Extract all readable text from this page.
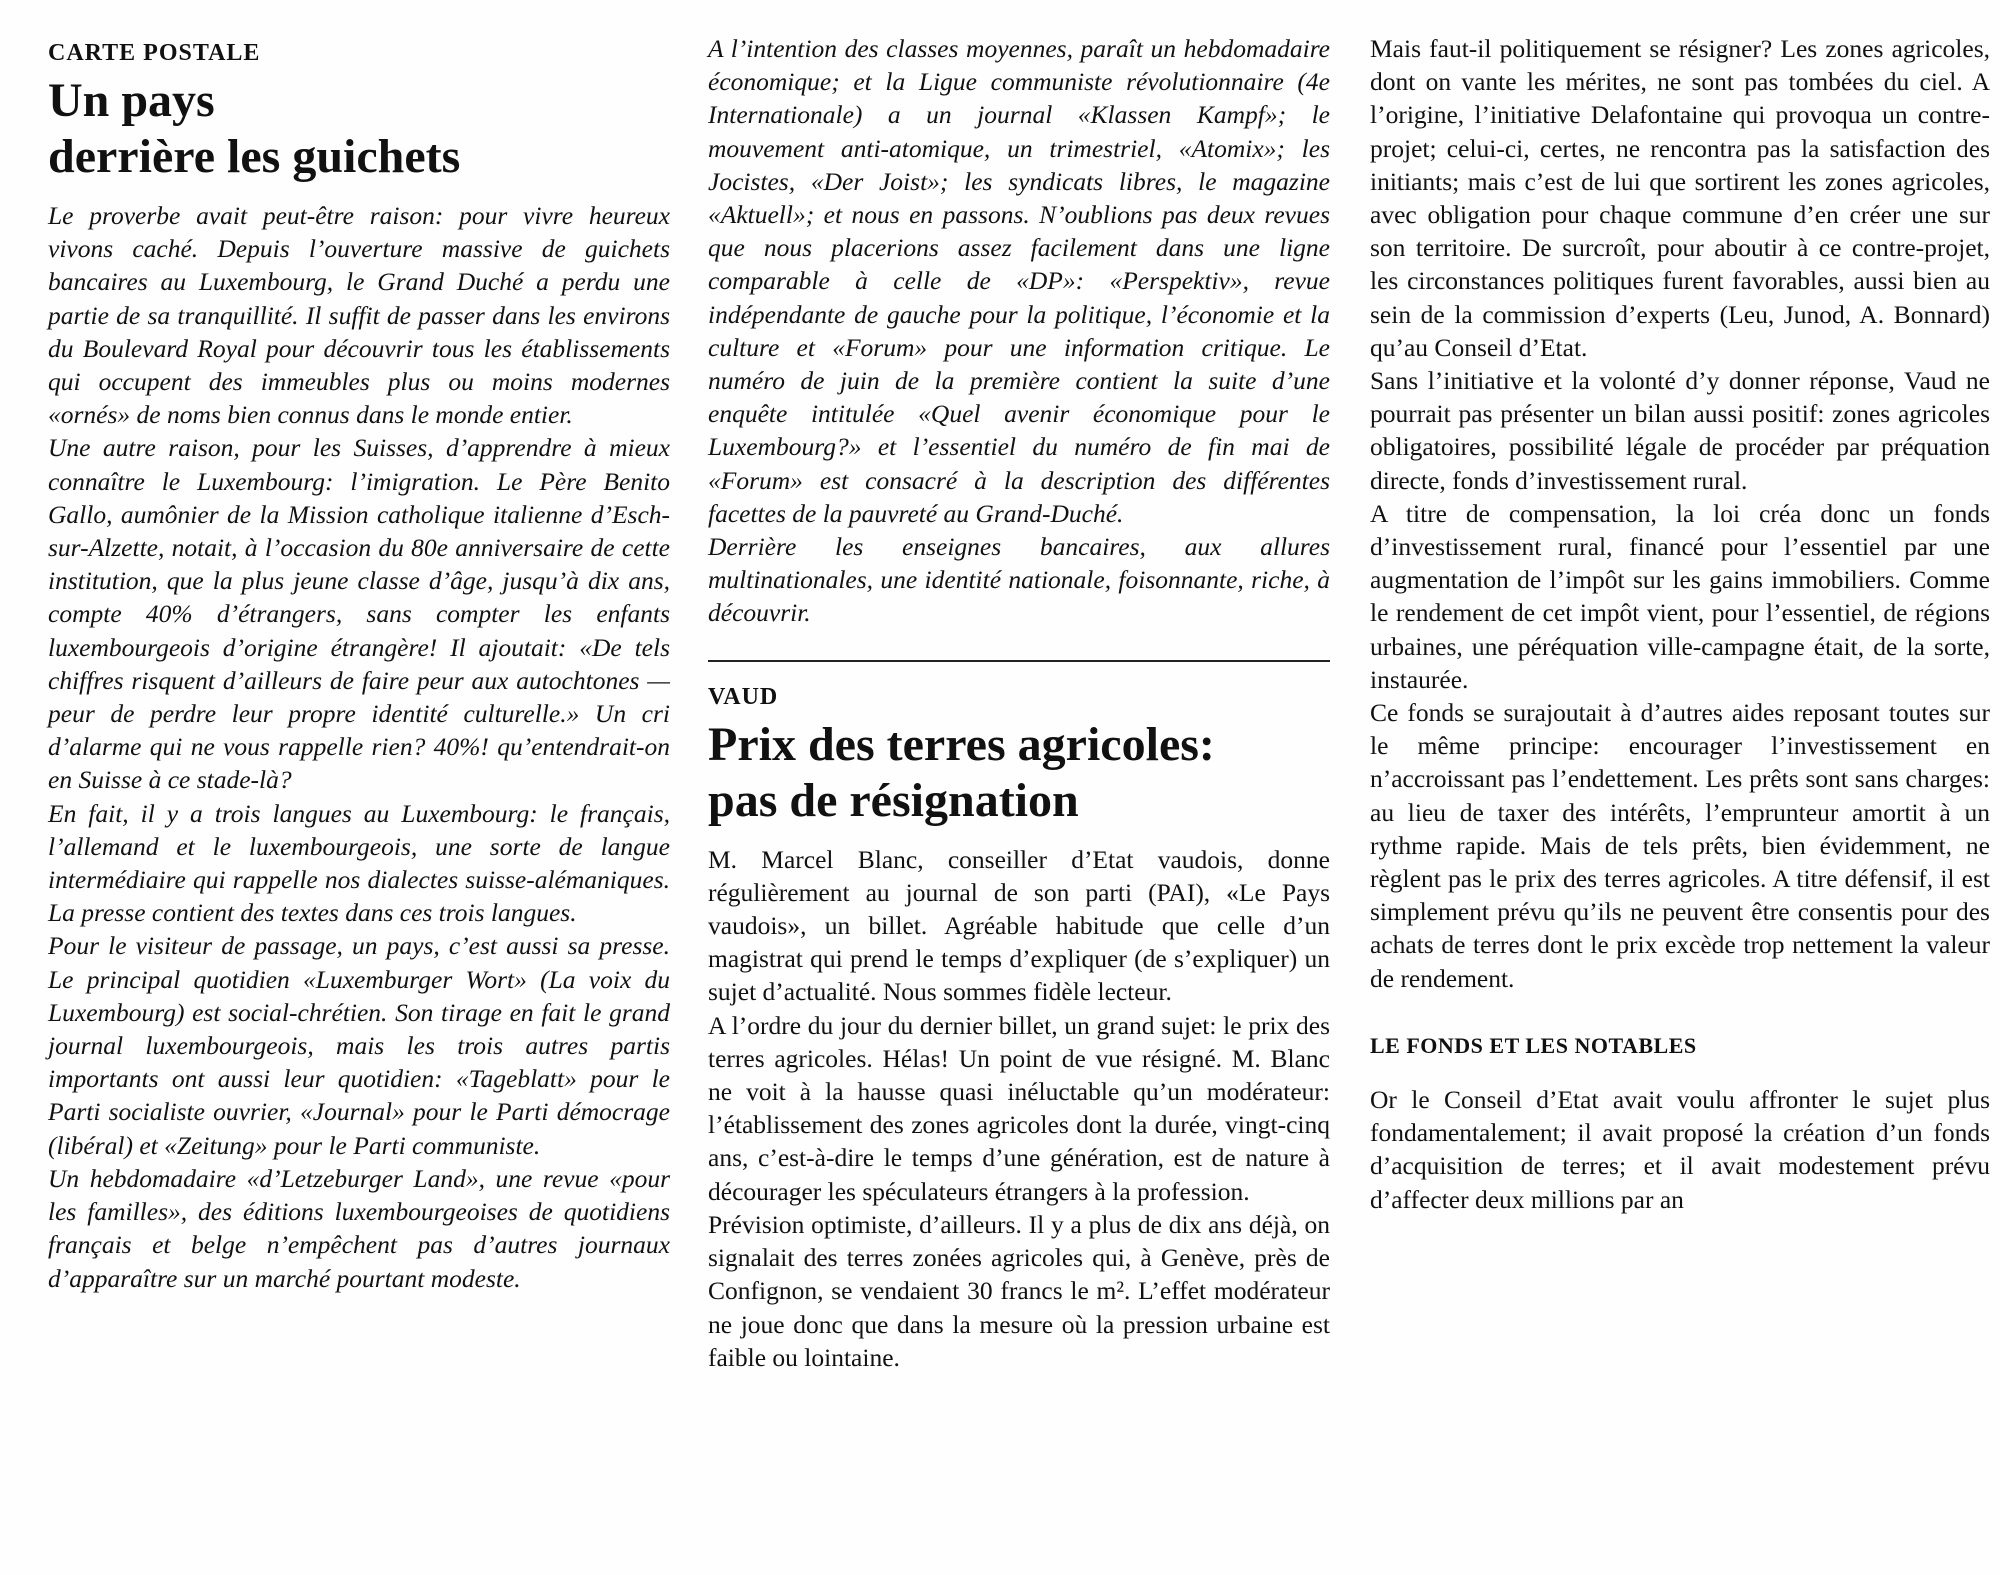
CARTE POSTALE
Un pays
derrière les guichets

Le proverbe avait peut-être raison: pour vivre heureux vivons caché. Depuis l’ouverture massive de guichets bancaires au Luxembourg, le Grand Duché a perdu une partie de sa tranquillité. Il suffit de passer dans les environs du Boulevard Royal pour découvrir tous les établissements qui occupent des immeubles plus ou moins modernes «ornés» de noms bien connus dans le monde entier.

Une autre raison, pour les Suisses, d’apprendre à mieux connaître le Luxembourg: l’imigration. Le Père Benito Gallo, aumônier de la Mission catholique italienne d’Esch-sur-Alzette, notait, à l’occasion du 80e anniversaire de cette institution, que la plus jeune classe d’âge, jusqu’à dix ans, compte 40% d’étrangers, sans compter les enfants luxembourgeois d’origine étrangère! Il ajoutait: «De tels chiffres risquent d’ailleurs de faire peur aux autochtones — peur de perdre leur propre identité culturelle.» Un cri d’alarme qui ne vous rappelle rien? 40%! qu’entendrait-on en Suisse à ce stade-là?

En fait, il y a trois langues au Luxembourg: le français, l’allemand et le luxembourgeois, une sorte de langue intermédiaire qui rappelle nos dialectes suisse-alémaniques. La presse contient des textes dans ces trois langues.

Pour le visiteur de passage, un pays, c’est aussi sa presse. Le principal quotidien «Luxemburger Wort» (La voix du Luxembourg) est social-chrétien. Son tirage en fait le grand journal luxembourgeois, mais les trois autres partis importants ont aussi leur quotidien: «Tageblatt» pour le Parti socialiste ouvrier, «Journal» pour le Parti démocrage (libéral) et «Zeitung» pour le Parti communiste.

Un hebdomadaire «d’Letzeburger Land», une revue «pour les familles», des éditions luxembourgeoises de quotidiens français et belge n’empêchent pas d’autres journaux d’apparaître sur un marché pourtant modeste.

A l’intention des classes moyennes, paraît un hebdomadaire économique; et la Ligue communiste révolutionnaire (4e Internationale) a un journal «Klassen Kampf»; le mouvement anti-atomique, un trimestriel, «Atomix»; les Jocistes, «Der Joist»; les syndicats libres, le magazine «Aktuell»; et nous en passons. N’oublions pas deux revues que nous placerions assez facilement dans une ligne comparable à celle de «DP»: «Perspektiv», revue indépendante de gauche pour la politique, l’économie et la culture et «Forum» pour une information critique. Le numéro de juin de la première contient la suite d’une enquête intitulée «Quel avenir économique pour le Luxembourg?» et l’essentiel du numéro de fin mai de «Forum» est consacré à la description des différentes facettes de la pauvreté au Grand-Duché.

Derrière les enseignes bancaires, aux allures multinationales, une identité nationale, foisonnante, riche, à découvrir.

VAUD
Prix des terres agricoles:
pas de résignation

M. Marcel Blanc, conseiller d’Etat vaudois, donne régulièrement au journal de son parti (PAI), «Le Pays vaudois», un billet. Agréable habitude que celle d’un magistrat qui prend le temps d’expliquer (de s’expliquer) un sujet d’actualité. Nous sommes fidèle lecteur.

A l’ordre du jour du dernier billet, un grand sujet: le prix des terres agricoles. Hélas! Un point de vue résigné. M. Blanc ne voit à la hausse quasi inéluctable qu’un modérateur: l’établissement des zones agricoles dont la durée, vingt-cinq ans, c’est-à-dire le temps d’une génération, est de nature à décourager les spéculateurs étrangers à la profession.

Prévision optimiste, d’ailleurs. Il y a plus de dix ans déjà, on signalait des terres zonées agricoles qui, à Genève, près de Confignon, se vendaient 30 francs le m². L’effet modérateur ne joue donc que dans la mesure où la pression urbaine est faible ou lointaine.

Mais faut-il politiquement se résigner? Les zones agricoles, dont on vante les mérites, ne sont pas tombées du ciel. A l’origine, l’initiative Delafontaine qui provoqua un contre-projet; celui-ci, certes, ne rencontra pas la satisfaction des initiants; mais c’est de lui que sortirent les zones agricoles, avec obligation pour chaque commune d’en créer une sur son territoire. De surcroît, pour aboutir à ce contre-projet, les circonstances politiques furent favorables, aussi bien au sein de la commission d’experts (Leu, Junod, A. Bonnard) qu’au Conseil d’Etat.

Sans l’initiative et la volonté d’y donner réponse, Vaud ne pourrait pas présenter un bilan aussi positif: zones agricoles obligatoires, possibilité légale de procéder par préquation directe, fonds d’investissement rural.

A titre de compensation, la loi créa donc un fonds d’investissement rural, financé pour l’essentiel par une augmentation de l’impôt sur les gains immobiliers. Comme le rendement de cet impôt vient, pour l’essentiel, de régions urbaines, une péréquation ville-campagne était, de la sorte, instaurée.

Ce fonds se surajoutait à d’autres aides reposant toutes sur le même principe: encourager l’investissement en n’accroissant pas l’endettement. Les prêts sont sans charges: au lieu de taxer des intérêts, l’emprunteur amortit à un rythme rapide. Mais de tels prêts, bien évidemment, ne règlent pas le prix des terres agricoles. A titre défensif, il est simplement prévu qu’ils ne peuvent être consentis pour des achats de terres dont le prix excède trop nettement la valeur de rendement.

LE FONDS ET LES NOTABLES

Or le Conseil d’Etat avait voulu affronter le sujet plus fondamentalement; il avait proposé la création d’un fonds d’acquisition de terres; et il avait modestement prévu d’affecter deux millions par an
